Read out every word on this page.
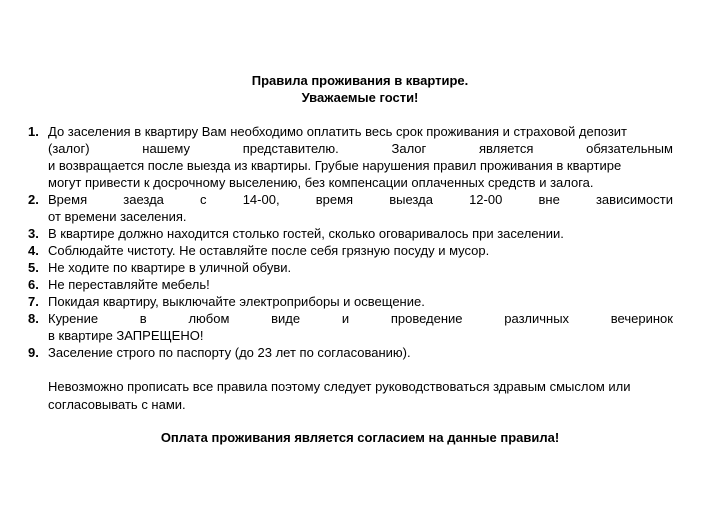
Правила проживания в квартире.
Уважаемые гости!
1. До заселения в квартиру Вам необходимо оплатить весь срок проживания и страховой депозит
(залог)	нашему	представителю.	Залог	является	обязательным
и возвращается после выезда из квартиры. Грубые нарушения правил проживания в квартире
могут привести к досрочному выселению, без компенсации оплаченных средств и залога.
2. Время	заезда	с	14-00,	время	выезда	12-00	вне	зависимости
от времени заселения.
3. В квартире должно находится столько гостей, сколько оговаривалось при заселении.
4. Соблюдайте чистоту. Не оставляйте после себя грязную посуду и мусор.
5. Не ходите по квартире в уличной обуви.
6. Не переставляйте мебель!
7. Покидая квартиру, выключайте электроприборы и освещение.
8. Курение	в	любом	виде	и	проведение	различных	вечеринок
в квартире ЗАПРЕЩЕНО!
9. Заселение строго по паспорту (до 23 лет по согласованию).
Невозможно прописать все правила поэтому следует руководствоваться здравым смыслом или
согласовывать с нами.
Оплата проживания является согласием на данные правила!
